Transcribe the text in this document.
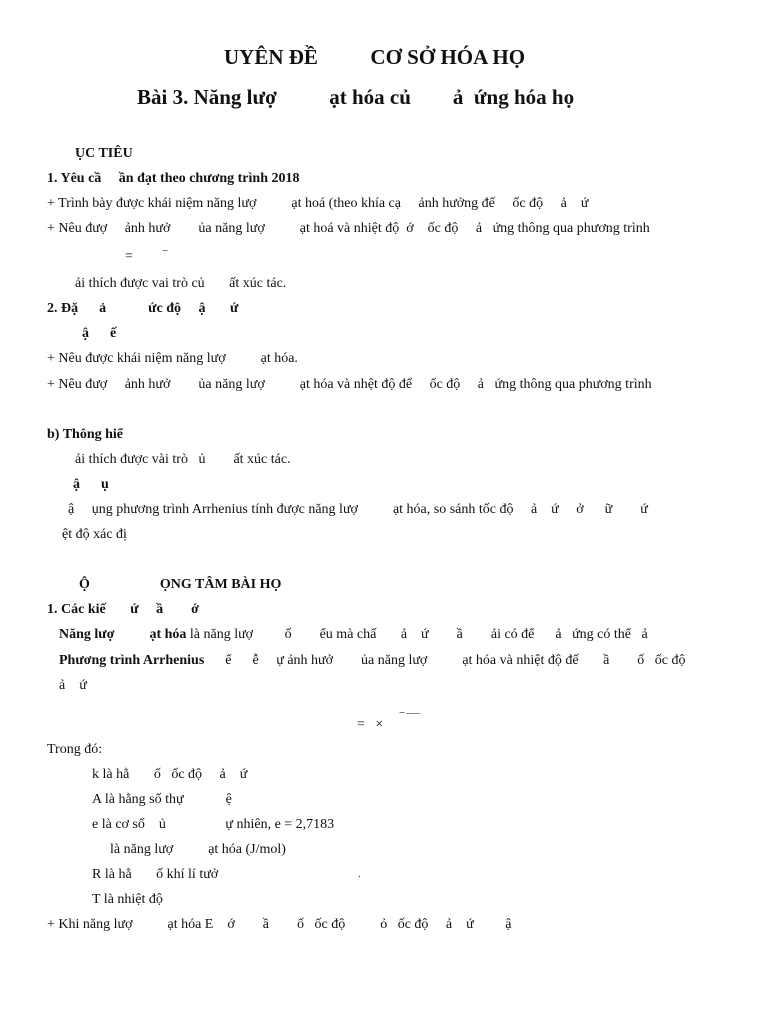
UYÊN ĐỀ          CƠ SỞ HÓA HỌ
Bài 3. Năng lượ          ạt hóa củ        ả  ứng hóa họ
ỤC TIÊU
1. Yêu cầ     ần đạt theo chương trình 2018
+ Trình bày được khái niệm năng lượ          ạt hoá (theo khía cạ     ảnh hưởng đế     ốc độ     ả    ứ
+ Nêu đượ     ảnh hưở        ủa năng lượ          ạt hoá và nhiệt độ  ớ    ốc độ     ả   ứng thông qua phương trình
=	−
ải thích được vai trò củ       ất xúc tác.
2. Đặ      ả            ức độ     ậ       ứ
ậ      ế
+ Nêu được khái niệm năng lượ          ạt hóa.
+ Nêu đượ     ảnh hưở        ủa năng lượ          ạt hóa và nhệt độ đế     ốc độ     ả   ứng thông qua phương trình
b) Thông hiể
ải thích được vài trò   ủ        ất xúc tác.
ậ      ụ
ậ     ụng phương trình Arrhenius tính được năng lượ          ạt hóa, so sánh tốc độ     ả    ứ     ở      ữ        ứ
ệt độ xác đị
Ộ                    ỌNG TÂM BÀI HỌ
1. Các kiế       ứ     ầ        ớ
Năng lượ          ạt hóa là năng lượ         ố        ểu mà chấ       ả    ứ        ầ        ải có để      ả   ứng có thể   ả
Phương trình Arrhenius      ể      ễ     ự ảnh hưở        ủa năng lượ          ạt hóa và nhiệt độ đế       ầ        ố   ốc độ
ả    ứ
=   ×
−
Trong đó:
k là hằ       ố   ốc độ     ả    ứ
A là hằng số thự            ệ
e là cơ số    ủ                 ự nhiên, e = 2,7183
là năng lượ          ạt hóa (J/mol)
R là hằ       ố khí lí tưở	.
T là nhiệt độ
+ Khi năng lượ          ạt hóa E    ớ        ầ        ố   ốc độ          ỏ   ốc độ     ả    ứ         ậ
